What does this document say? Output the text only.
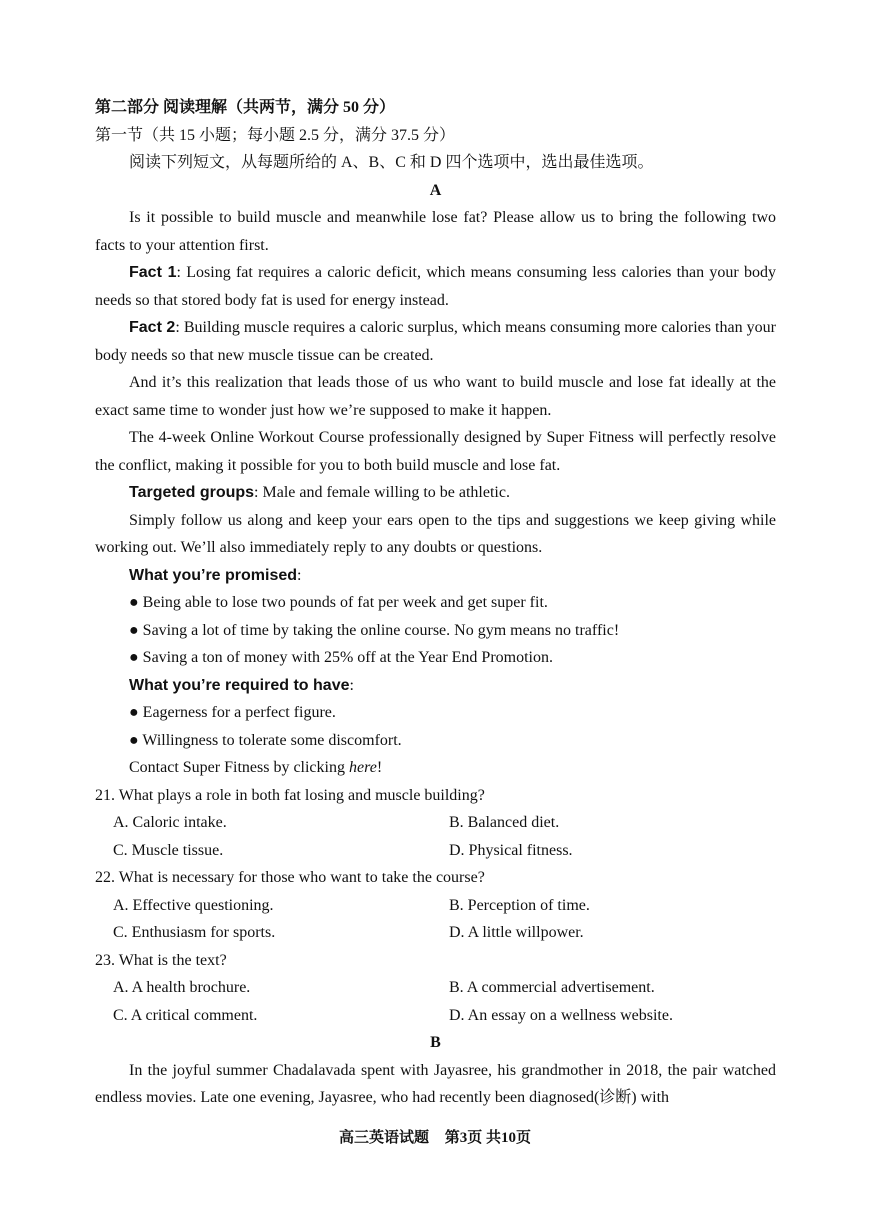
第二部分 阅读理解（共两节，满分 50 分）

第一节（共 15 小题；每小题 2.5 分，满分 37.5 分）

阅读下列短文，从每题所给的 A、B、C 和 D 四个选项中，选出最佳选项。

A

Is it possible to build muscle and meanwhile lose fat? Please allow us to bring the following two facts to your attention first.

Fact 1: Losing fat requires a caloric deficit, which means consuming less calories than your body needs so that stored body fat is used for energy instead.

Fact 2: Building muscle requires a caloric surplus, which means consuming more calories than your body needs so that new muscle tissue can be created.

And it’s this realization that leads those of us who want to build muscle and lose fat ideally at the exact same time to wonder just how we’re supposed to make it happen.

The 4-week Online Workout Course professionally designed by Super Fitness will perfectly resolve the conflict, making it possible for you to both build muscle and lose fat.

Targeted groups: Male and female willing to be athletic.

Simply follow us along and keep your ears open to the tips and suggestions we keep giving while working out. We’ll also immediately reply to any doubts or questions.

What you’re promised:

● Being able to lose two pounds of fat per week and get super fit.

● Saving a lot of time by taking the online course. No gym means no traffic!

● Saving a ton of money with 25% off at the Year End Promotion.

What you’re required to have:

● Eagerness for a perfect figure.

● Willingness to tolerate some discomfort.

Contact Super Fitness by clicking here!

21. What plays a role in both fat losing and muscle building?

A. Caloric intake.	B. Balanced diet.
C. Muscle tissue.	D. Physical fitness.

22. What is necessary for those who want to take the course?

A. Effective questioning.	B. Perception of time.
C. Enthusiasm for sports.	D. A little willpower.

23. What is the text?

A. A health brochure.	B. A commercial advertisement.
C. A critical comment.	D. An essay on a wellness website.

B

In the joyful summer Chadalavada spent with Jayasree, his grandmother in 2018, the pair watched endless movies. Late one evening, Jayasree, who had recently been diagnosed(诊断) with

高三英语试题 第3页 共10页
